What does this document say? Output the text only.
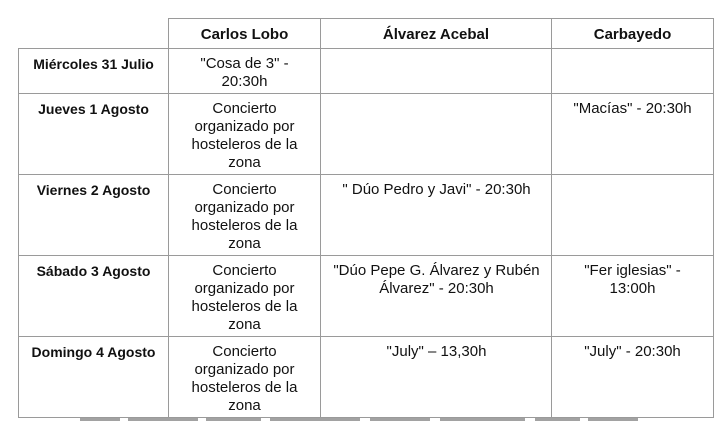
	Carlos Lobo	Álvarez Acebal	Carbayedo
Miércoles 31 Julio	"Cosa de 3" - 20:30h		

Jueves 1 Agosto	Concierto organizado por hosteleros de la zona		"Macías" - 20:30h

Viernes 2 Agosto	Concierto organizado por hosteleros de la zona	" Dúo Pedro y Javi" - 20:30h	

Sábado 3 Agosto	Concierto organizado por hosteleros de la zona	"Dúo Pepe G. Álvarez y Rubén Álvarez" - 20:30h	"Fer iglesias" - 13:00h

Domingo 4 Agosto	Concierto organizado por hosteleros de la zona	"July" – 13,30h	"July" - 20:30h
